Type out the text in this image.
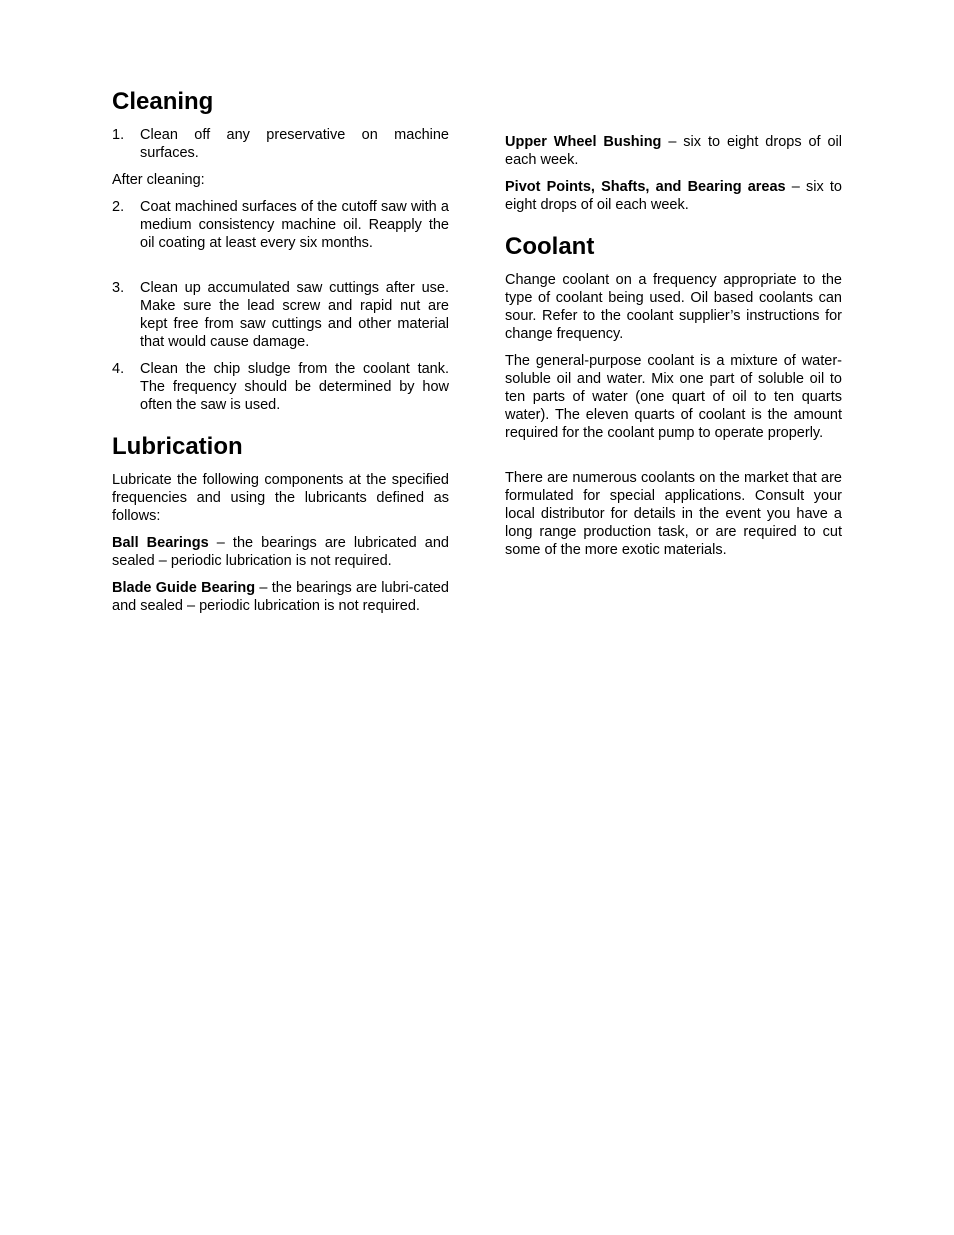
Cleaning
1.	Clean off any preservative on machine surfaces.

After cleaning:

2.	Coat machined surfaces of the cutoff saw with a medium consistency machine oil. Reapply the oil coating at least every six months.
3.	Clean up accumulated saw cuttings after use. Make sure the lead screw and rapid nut are kept free from saw cuttings and other material that would cause damage.
4.	Clean the chip sludge from the coolant tank. The frequency should be determined by how often the saw is used.
Lubrication

Lubricate the following components at the specified frequencies and using the lubricants defined as follows:

Ball Bearings – the bearings are lubricated and sealed – periodic lubrication is not required.

Blade Guide Bearing – the bearings are lubri-cated and sealed – periodic lubrication is not required.

Upper Wheel Bushing – six to eight drops of oil each week.

Pivot Points, Shafts, and Bearing areas – six to eight drops of oil each week.

Coolant

Change coolant on a frequency appropriate to the type of coolant being used. Oil based coolants can sour. Refer to the coolant supplier’s instructions for change frequency.

The general-purpose coolant is a mixture of water-soluble oil and water. Mix one part of soluble oil to ten parts of water (one quart of oil to ten quarts water). The eleven quarts of coolant is the amount required for the coolant pump to operate properly.

There are numerous coolants on the market that are formulated for special applications. Consult your local distributor for details in the event you have a long range production task, or are required to cut some of the more exotic materials.
